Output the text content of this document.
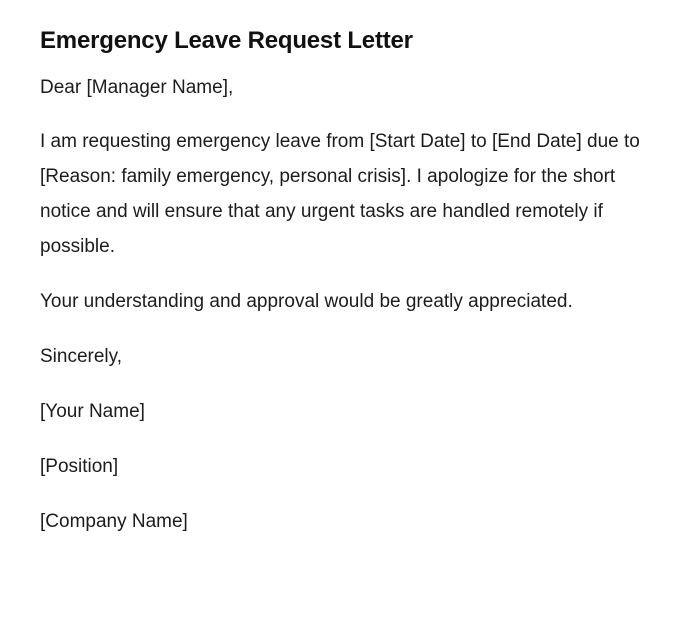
Emergency Leave Request Letter

Dear [Manager Name],

I am requesting emergency leave from [Start Date] to [End Date] due to [Reason: family emergency, personal crisis]. I apologize for the short notice and will ensure that any urgent tasks are handled remotely if possible.

Your understanding and approval would be greatly appreciated.

Sincerely,

[Your Name]

[Position]

[Company Name]
